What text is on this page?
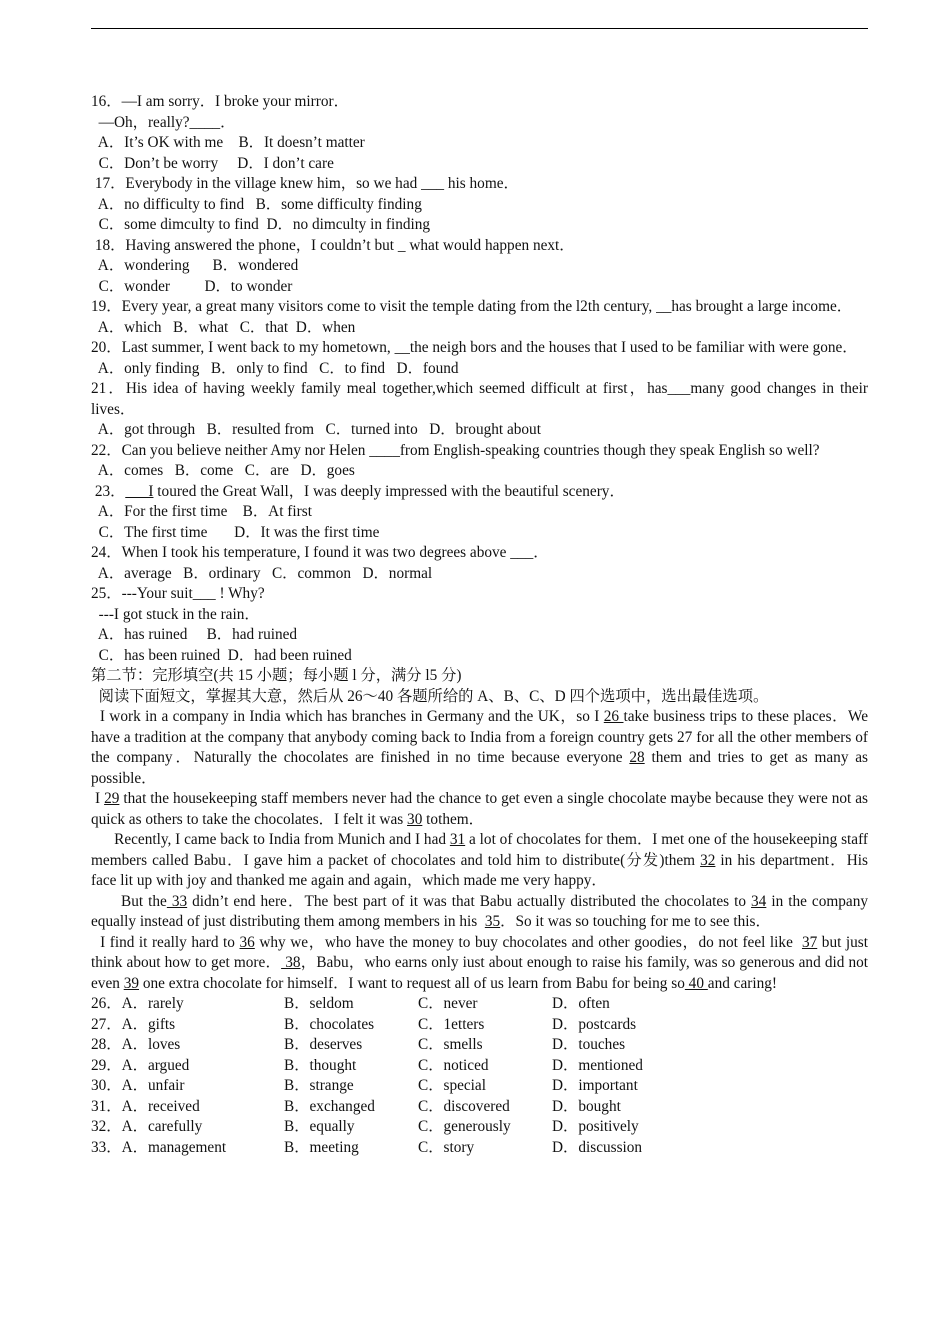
16．—I am sorry．I broke your mirror．
—Oh，really?____．
A．It’s OK with me    B．It doesn’t matter
C．Don’t be worry     D．I don’t care
17．Everybody in the village knew him，so we had ___ his home．
A．no difficulty to find   B．some difficulty finding
C．some dimculty to find  D．no dimculty in finding
18．Having answered the phone，I couldn’t but _ what would happen next．
A．wondering      B．wondered
C．wonder         D．to wonder
19．Every year, a great many visitors come to visit the temple dating from the l2th century, __has brought a large income．
A．which   B．what   C．that  D．when
20．Last summer, I went back to my hometown, __the neigh bors and the houses that I used to be familiar with were gone．
A．only finding   B．only to find   C．to find   D．found
21．His idea of having weekly family meal together,which seemed difficult at first，has___many good changes in their lives．
A．got through   B．resulted from   C．turned into   D．brought about
22．Can you believe neither Amy nor Helen ____from English-speaking countries though they speak English so well?
A．comes   B．come   C．are   D．goes
23．___I toured the Great Wall，I was deeply impressed with the beautiful scenery．
A．For the first time    B．At first
C．The first time       D．It was the first time
24．When I took his temperature, I found it was two degrees above ___．
A．average   B．ordinary   C．common   D．normal
25．---Your suit___ ! Why?
---I got stuck in the rain．
A．has ruined     B．had ruined
C．has been ruined  D．had been ruined
第二节：完形填空(共 15 小题；每小题 l 分，满分 l5 分)
阅读下面短文，掌握其大意，然后从 26～40 各题所给的 A、B、C、D 四个选项中，选出最佳选项。
I work in a company in India which has branches in Germany and the UK，so I 26 take business trips to these places．We have a tradition at the company that anybody coming back to India from a foreign country gets 27 for all the other members of the company．Naturally the chocolates are finished in no time because everyone 28 them and tries to get as many as possible．
I 29 that the housekeeping staff members never had the chance to get even a single chocolate maybe because they were not as quick as others to take the chocolates．I felt it was 30 tothem．
Recently, I came back to India from Munich and I had 31 a lot of chocolates for them．I met one of the housekeeping staff members called Babu．I gave him a packet of chocolates and told him to distribute(分发)them 32 in his department．His face lit up with joy and thanked me again and again，which made me very happy．
But the 33 didn’t end here．The best part of it was that Babu actually distributed the chocolates to 34 in the company equally instead of just distributing them among members in his  35．So it was so touching for me to see this．
I find it really hard to 36 why we，who have the money to buy chocolates and other goodies，do not feel like  37 but just think about how to get more． 38，Babu，who earns only iust about enough to raise his family, was so generous and did not even 39 one extra chocolate for himself．I want to request all of us learn from Babu for being so 40 and caring!
26．A．rarely	B．seldom	C．never	D．often
27．A．gifts	B．chocolates	C．1etters	D．postcards
28．A．loves	B．deserves	C．smells	D．touches
29．A．argued	B．thought	C．noticed	D．mentioned
30．A．unfair	B．strange	C．special	D．important
31．A．received	B．exchanged	C．discovered	D．bought
32．A．carefully	B．equally	C．generously	D．positively
33．A．management	B．meeting	C．story	D．discussion
